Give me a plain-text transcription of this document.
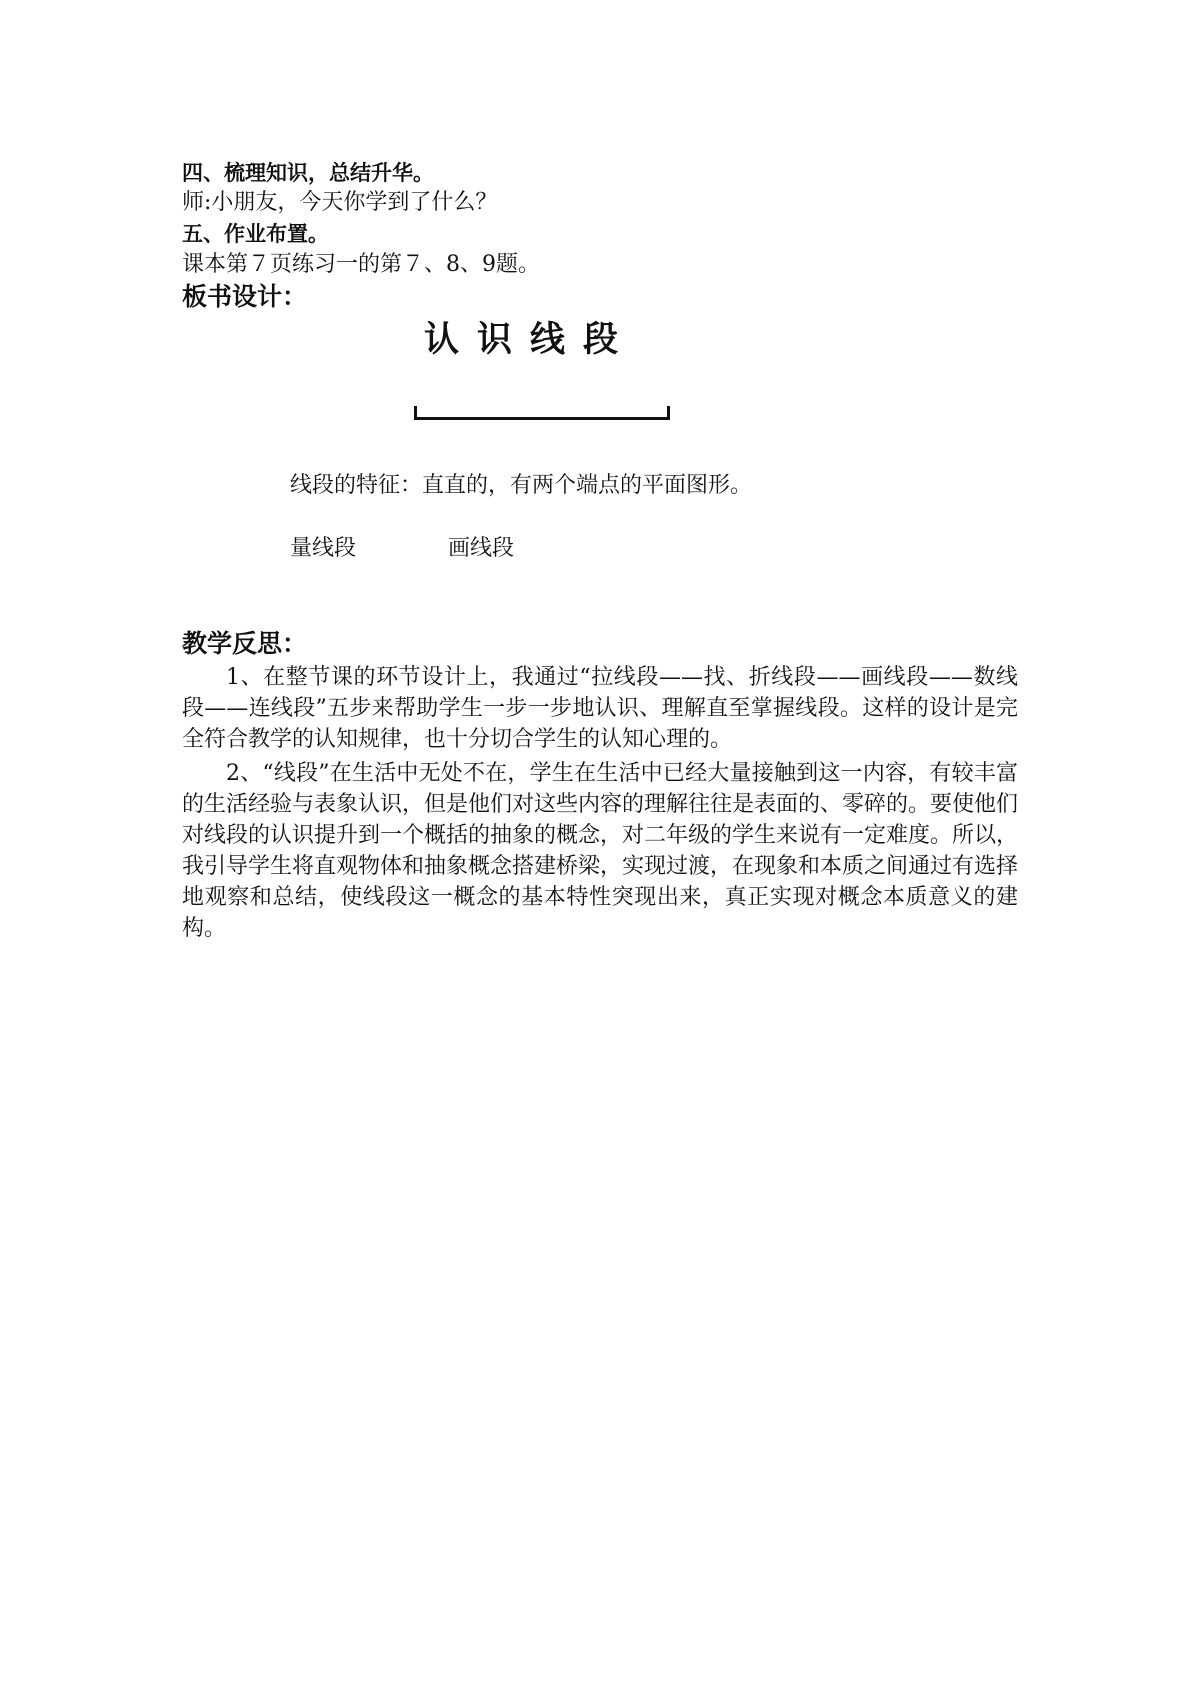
四、梳理知识，总结升华。
师:小朋友，今天你学到了什么？
五、作业布置。
课本第７页练习一的第７、8、9题。
板书设计：
认识线段
线段的特征：直直的，有两个端点的平面图形。
量线段	画线段
教学反思：
1、在整节课的环节设计上，我通过“拉线段——找、折线段——画线段——数线段——连线段”五步来帮助学生一步一步地认识、理解直至掌握线段。这样的设计是完全符合教学的认知规律，也十分切合学生的认知心理的。
2、“线段”在生活中无处不在，学生在生活中已经大量接触到这一内容，有较丰富的生活经验与表象认识，但是他们对这些内容的理解往往是表面的、零碎的。要使他们对线段的认识提升到一个概括的抽象的概念，对二年级的学生来说有一定难度。所以，我引导学生将直观物体和抽象概念搭建桥梁，实现过渡，在现象和本质之间通过有选择地观察和总结，使线段这一概念的基本特性突现出来，真正实现对概念本质意义的建构。
